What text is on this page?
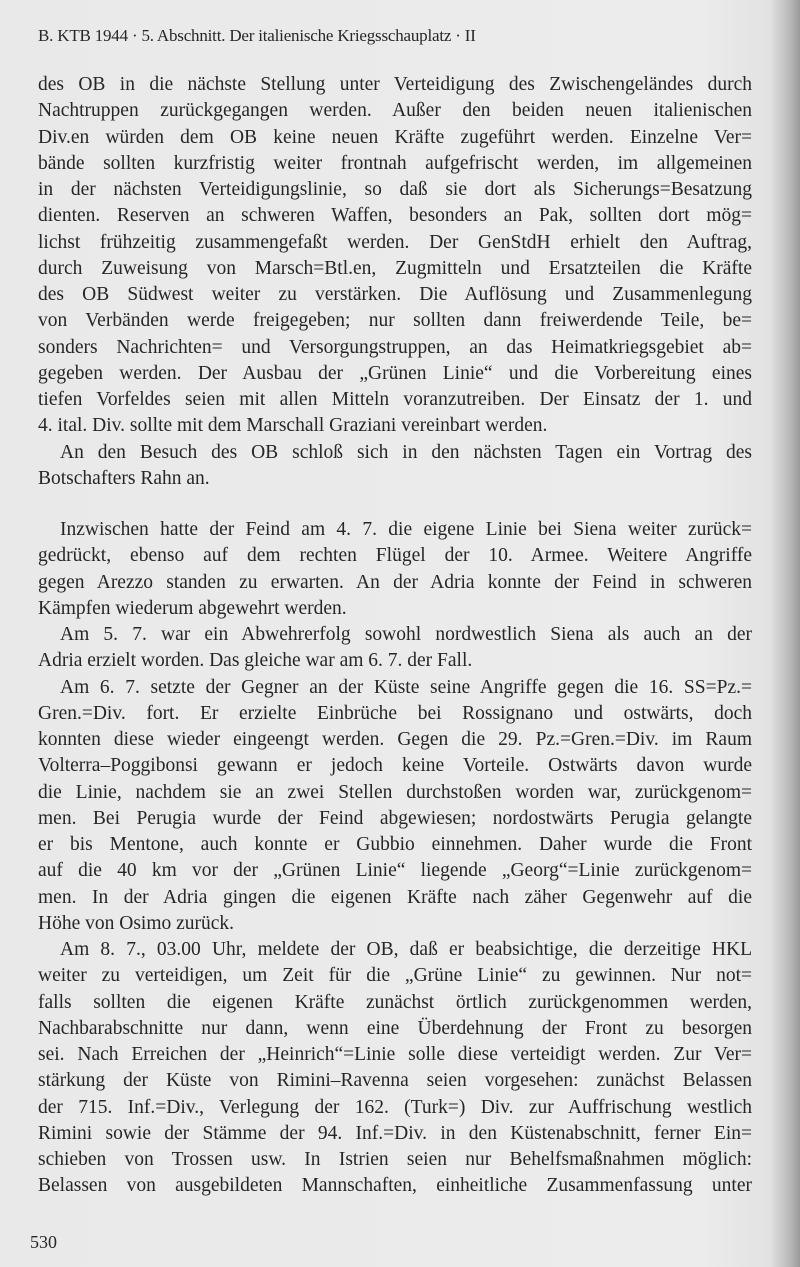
B. KTB 1944 · 5. Abschnitt. Der italienische Kriegsschauplatz · II
des OB in die nächste Stellung unter Verteidigung des Zwischengeländes durch
Nachtruppen zurückgegangen werden. Außer den beiden neuen italienischen
Div.en würden dem OB keine neuen Kräfte zugeführt werden. Einzelne Ver=
bände sollten kurzfristig weiter frontnah aufgefrischt werden, im allgemeinen
in der nächsten Verteidigungslinie, so daß sie dort als Sicherungs=Besatzung
dienten. Reserven an schweren Waffen, besonders an Pak, sollten dort mög=
lichst frühzeitig zusammengefaßt werden. Der GenStdH erhielt den Auftrag,
durch Zuweisung von Marsch=Btl.en, Zugmitteln und Ersatzteilen die Kräfte
des OB Südwest weiter zu verstärken. Die Auflösung und Zusammenlegung
von Verbänden werde freigegeben; nur sollten dann freiwerdende Teile, be=
sonders Nachrichten= und Versorgungstruppen, an das Heimatkriegsgebiet ab=
gegeben werden. Der Ausbau der „Grünen Linie“ und die Vorbereitung eines
tiefen Vorfeldes seien mit allen Mitteln voranzutreiben. Der Einsatz der 1. und
4. ital. Div. sollte mit dem Marschall Graziani vereinbart werden.
An den Besuch des OB schloß sich in den nächsten Tagen ein Vortrag des
Botschafters Rahn an.
Inzwischen hatte der Feind am 4. 7. die eigene Linie bei Siena weiter zurück=
gedrückt, ebenso auf dem rechten Flügel der 10. Armee. Weitere Angriffe
gegen Arezzo standen zu erwarten. An der Adria konnte der Feind in schweren
Kämpfen wiederum abgewehrt werden.
Am 5. 7. war ein Abwehrerfolg sowohl nordwestlich Siena als auch an der
Adria erzielt worden. Das gleiche war am 6. 7. der Fall.
Am 6. 7. setzte der Gegner an der Küste seine Angriffe gegen die 16. SS=Pz.=
Gren.=Div. fort. Er erzielte Einbrüche bei Rossignano und ostwärts, doch
konnten diese wieder eingeengt werden. Gegen die 29. Pz.=Gren.=Div. im Raum
Volterra–Poggibonsi gewann er jedoch keine Vorteile. Ostwärts davon wurde
die Linie, nachdem sie an zwei Stellen durchstoßen worden war, zurückgenom=
men. Bei Perugia wurde der Feind abgewiesen; nordostwärts Perugia gelangte
er bis Mentone, auch konnte er Gubbio einnehmen. Daher wurde die Front
auf die 40 km vor der „Grünen Linie“ liegende „Georg“=Linie zurückgenom=
men. In der Adria gingen die eigenen Kräfte nach zäher Gegenwehr auf die
Höhe von Osimo zurück.
Am 8. 7., 03.00 Uhr, meldete der OB, daß er beabsichtige, die derzeitige HKL
weiter zu verteidigen, um Zeit für die „Grüne Linie“ zu gewinnen. Nur not=
falls sollten die eigenen Kräfte zunächst örtlich zurückgenommen werden,
Nachbarabschnitte nur dann, wenn eine Überdehnung der Front zu besorgen
sei. Nach Erreichen der „Heinrich“=Linie solle diese verteidigt werden. Zur Ver=
stärkung der Küste von Rimini–Ravenna seien vorgesehen: zunächst Belassen
der 715. Inf.=Div., Verlegung der 162. (Turk=) Div. zur Auffrischung westlich
Rimini sowie der Stämme der 94. Inf.=Div. in den Küstenabschnitt, ferner Ein=
schieben von Trossen usw. In Istrien seien nur Behelfsmaßnahmen möglich:
Belassen von ausgebildeten Mannschaften, einheitliche Zusammenfassung unter
530
